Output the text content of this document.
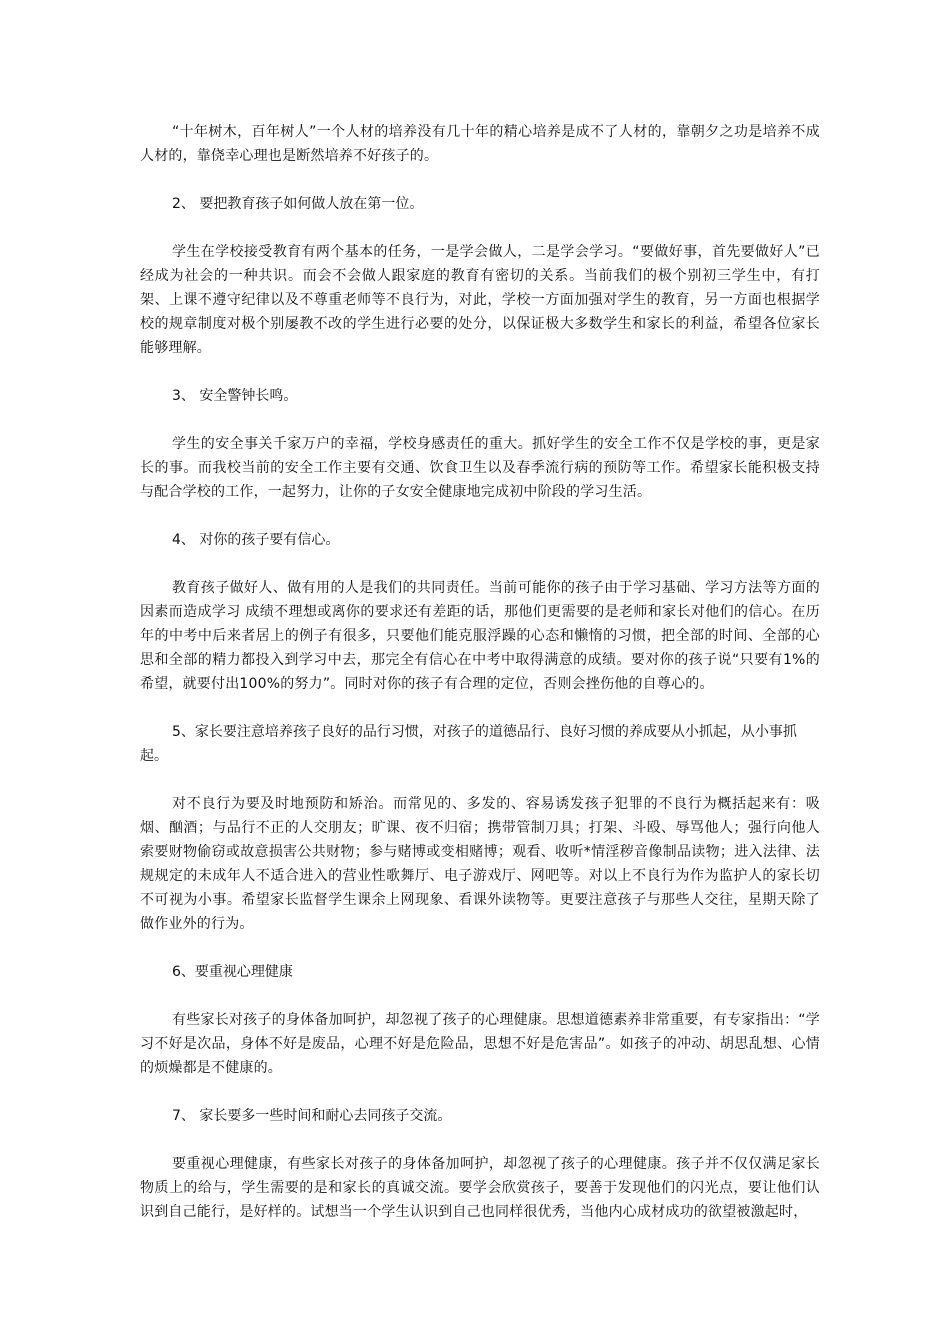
“十年树木，百年树人”一个人材的培养没有几十年的精心培养是成不了人材的，靠朝夕之功是培养不成人材的，靠侥幸心理也是断然培养不好孩子的。

2、 要把教育孩子如何做人放在第一位。

学生在学校接受教育有两个基本的任务，一是学会做人，二是学会学习。“要做好事，首先要做好人”已经成为社会的一种共识。而会不会做人跟家庭的教育有密切的关系。当前我们的极个别初三学生中，有打架、上课不遵守纪律以及不尊重老师等不良行为，对此，学校一方面加强对学生的教育，另一方面也根据学校的规章制度对极个别屡教不改的学生进行必要的处分，以保证极大多数学生和家长的利益，希望各位家长能够理解。

3、 安全警钟长鸣。

学生的安全事关千家万户的幸福，学校身感责任的重大。抓好学生的安全工作不仅是学校的事，更是家长的事。而我校当前的安全工作主要有交通、饮食卫生以及春季流行病的预防等工作。希望家长能积极支持与配合学校的工作，一起努力，让你的子女安全健康地完成初中阶段的学习生活。

4、 对你的孩子要有信心。

教育孩子做好人、做有用的人是我们的共同责任。当前可能你的孩子由于学习基础、学习方法等方面的因素而造成学习 成绩不理想或离你的要求还有差距的话，那他们更需要的是老师和家长对他们的信心。在历年的中考中后来者居上的例子有很多，只要他们能克服浮躁的心态和懒惰的习惯，把全部的时间、全部的心思和全部的精力都投入到学习中去，那完全有信心在中考中取得满意的成绩。要对你的孩子说“只要有1%的希望，就要付出100%的努力”。同时对你的孩子有合理的定位，否则会挫伤他的自尊心的。

5、家长要注意培养孩子良好的品行习惯，对孩子的道德品行、良好习惯的养成要从小抓起，从小事抓起。

对不良行为要及时地预防和矫治。而常见的、多发的、容易诱发孩子犯罪的不良行为概括起来有：吸烟、酗酒；与品行不正的人交朋友；旷课、夜不归宿；携带管制刀具；打架、斗殴、辱骂他人；强行向他人索要财物偷窃或故意损害公共财物；参与赌博或变相赌博；观看、收听*情淫秽音像制品读物；进入法律、法规规定的未成年人不适合进入的营业性歌舞厅、电子游戏厅、网吧等。对以上不良行为作为监护人的家长切不可视为小事。希望家长监督学生课余上网现象、看课外读物等。更要注意孩子与那些人交往，星期天除了做作业外的行为。

6、要重视心理健康

有些家长对孩子的身体备加呵护，却忽视了孩子的心理健康。思想道德素养非常重要，有专家指出：“学习不好是次品，身体不好是废品，心理不好是危险品，思想不好是危害品”。如孩子的冲动、胡思乱想、心情的烦燥都是不健康的。

7、 家长要多一些时间和耐心去同孩子交流。

要重视心理健康，有些家长对孩子的身体备加呵护，却忽视了孩子的心理健康。孩子并不仅仅满足家长物质上的给与，学生需要的是和家长的真诚交流。要学会欣赏孩子，要善于发现他们的闪光点，要让他们认识到自己能行，是好样的。试想当一个学生认识到自己也同样很优秀，当他内心成材成功的欲望被激起时，
